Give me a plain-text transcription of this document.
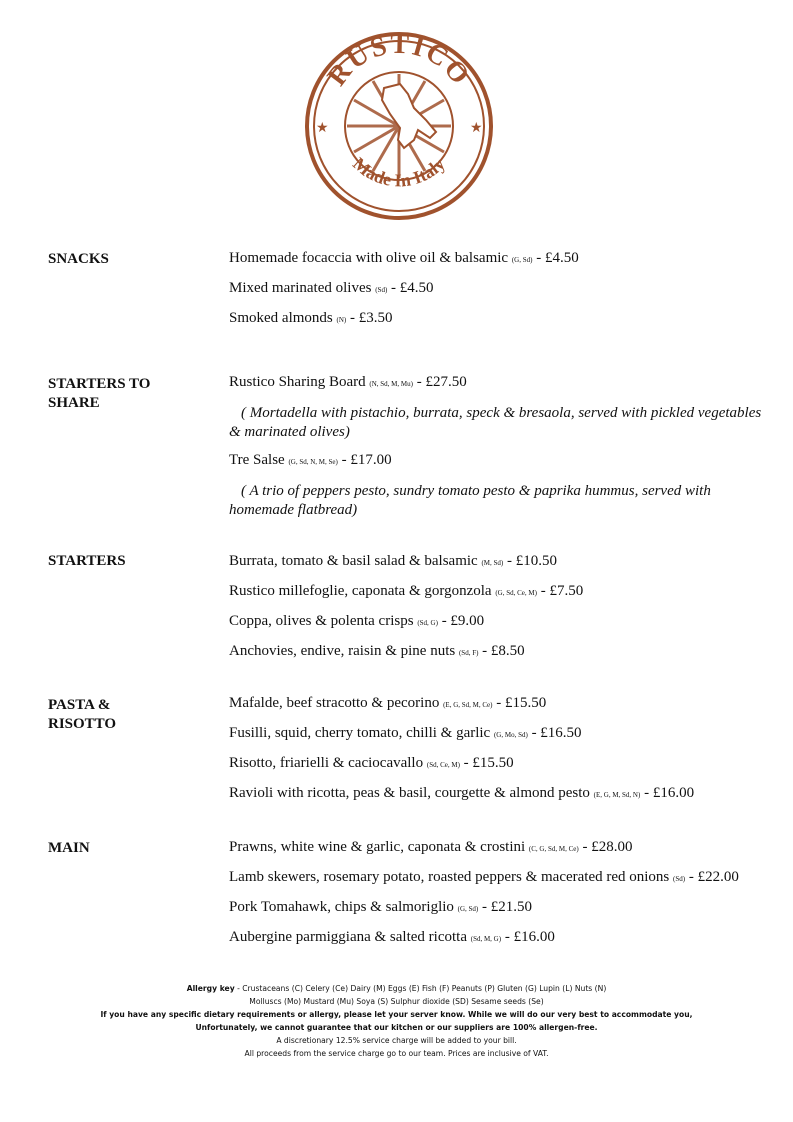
RUSTICO
Made In Italy
★	★
SNACKS	Homemade focaccia with olive oil & balsamic (G, Sd) - £4.50

Mixed marinated olives (Sd) - £4.50

Smoked almonds (N) - £3.50

STARTERS TO SHARE

Rustico Sharing Board (N, Sd, M, Mu) - £27.50

( Mortadella with pistachio, burrata, speck & bresaola, served with pickled vegetables & marinated olives)

Tre Salse (G, Sd, N, M, Se) - £17.00

( A trio of peppers pesto, sundry tomato pesto & paprika hummus, served with homemade flatbread)

STARTERS	Burrata, tomato & basil salad & balsamic (M, Sd) - £10.50

Rustico millefoglie, caponata & gorgonzola (G, Sd, Ce, M) - £7.50

Coppa, olives & polenta crisps (Sd, G) - £9.00

Anchovies, endive, raisin & pine nuts (Sd, F) - £8.50

PASTA & RISOTTO

Mafalde, beef stracotto & pecorino (E, G, Sd, M, Ce) - £15.50

Fusilli, squid, cherry tomato, chilli & garlic (G, Mo, Sd) - £16.50

Risotto, friarielli & caciocavallo (Sd, Ce, M) - £15.50

Ravioli with ricotta, peas & basil, courgette & almond pesto (E, G, M, Sd, N) - £16.00

MAIN	Prawns, white wine & garlic, caponata & crostini (C, G, Sd, M, Ce) - £28.00

Lamb skewers, rosemary potato, roasted peppers & macerated red onions (Sd) - £22.00

Pork Tomahawk, chips & salmoriglio (G, Sd) - £21.50

Aubergine parmiggiana & salted ricotta (Sd, M, G) - £16.00

Allergy key - Crustaceans (C) Celery (Ce) Dairy (M) Eggs (E) Fish (F) Peanuts (P) Gluten (G) Lupin (L) Nuts (N)
Molluscs (Mo) Mustard (Mu) Soya (S) Sulphur dioxide (SD) Sesame seeds (Se)
If you have any specific dietary requirements or allergy, please let your server know. While we will do our very best to accommodate you,
Unfortunately, we cannot guarantee that our kitchen or our suppliers are 100% allergen-free.
A discretionary 12.5% service charge will be added to your bill.
All proceeds from the service charge go to our team. Prices are inclusive of VAT.
